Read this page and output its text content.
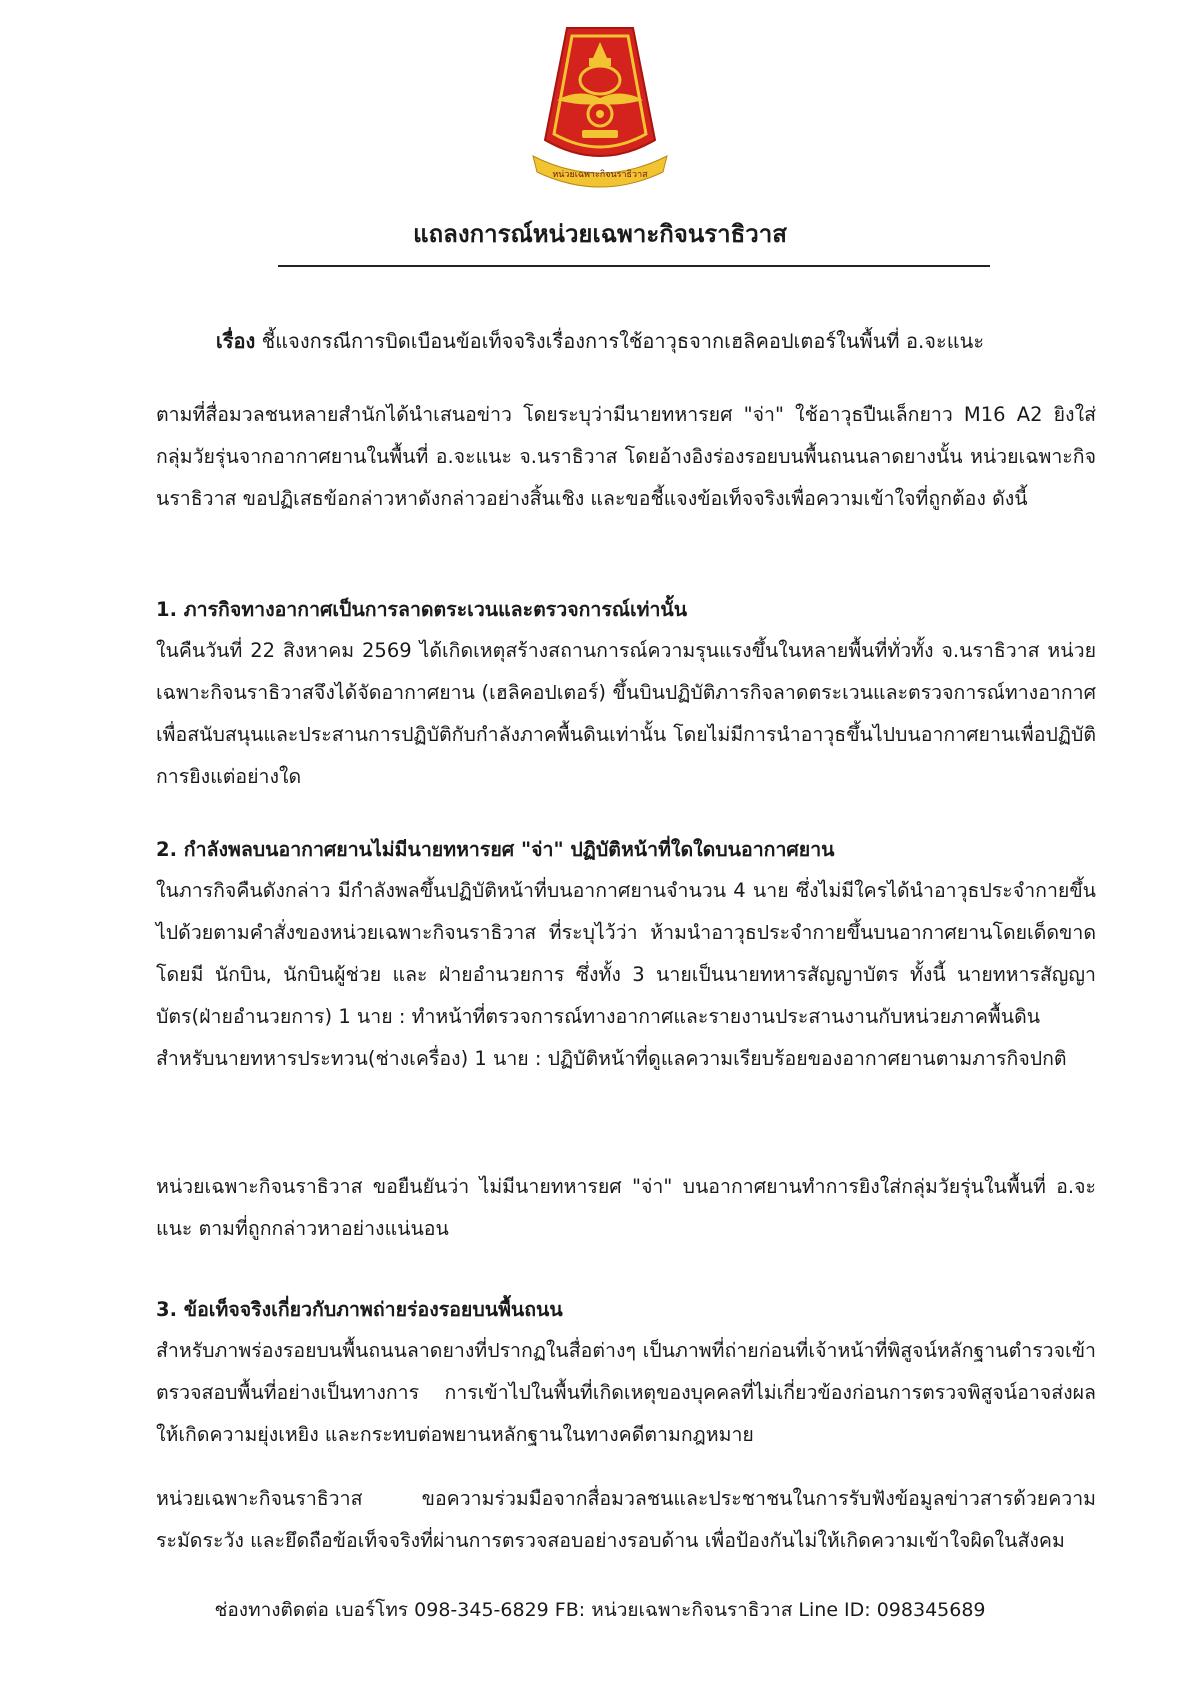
หน่วยเฉพาะกิจนราธิวาส
แถลงการณ์หน่วยเฉพาะกิจนราธิวาส
เรื่อง ชี้แจงกรณีการบิดเบือนข้อเท็จจริงเรื่องการใช้อาวุธจากเฮลิคอปเตอร์ในพื้นที่ อ.จะแนะ

ตามที่สื่อมวลชนหลายสำนักได้นำเสนอข่าว โดยระบุว่ามีนายทหารยศ "จ่า" ใช้อาวุธปืนเล็กยาว M16 A2 ยิงใส่กลุ่มวัยรุ่นจากอากาศยานในพื้นที่ อ.จะแนะ จ.นราธิวาส โดยอ้างอิงร่องรอยบนพื้นถนนลาดยางนั้น หน่วยเฉพาะกิจนราธิวาส ขอปฏิเสธข้อกล่าวหาดังกล่าวอย่างสิ้นเชิง และขอชี้แจงข้อเท็จจริงเพื่อความเข้าใจที่ถูกต้อง ดังนี้

1. ภารกิจทางอากาศเป็นการลาดตระเวนและตรวจการณ์เท่านั้น

ในคืนวันที่ 22 สิงหาคม 2569 ได้เกิดเหตุสร้างสถานการณ์ความรุนแรงขึ้นในหลายพื้นที่ทั่วทั้ง จ.นราธิวาส หน่วยเฉพาะกิจนราธิวาสจึงได้จัดอากาศยาน (เฮลิคอปเตอร์) ขึ้นบินปฏิบัติภารกิจลาดตระเวนและตรวจการณ์ทางอากาศ เพื่อสนับสนุนและประสานการปฏิบัติกับกำลังภาคพื้นดินเท่านั้น โดยไม่มีการนำอาวุธขึ้นไปบนอากาศยานเพื่อปฏิบัติการยิงแต่อย่างใด

2. กำลังพลบนอากาศยานไม่มีนายทหารยศ "จ่า" ปฏิบัติหน้าที่ใดใดบนอากาศยาน

ในภารกิจคืนดังกล่าว มีกำลังพลขึ้นปฏิบัติหน้าที่บนอากาศยานจำนวน 4 นาย ซึ่งไม่มีใครได้นำอาวุธประจำกายขึ้นไปด้วยตามคำสั่งของหน่วยเฉพาะกิจนราธิวาส ที่ระบุไว้ว่า ห้ามนำอาวุธประจำกายขึ้นบนอากาศยานโดยเด็ดขาด โดยมี นักบิน, นักบินผู้ช่วย และ ฝ่ายอำนวยการ ซึ่งทั้ง 3 นายเป็นนายทหารสัญญาบัตร ทั้งนี้ นายทหารสัญญาบัตร(ฝ่ายอำนวยการ) 1 นาย : ทำหน้าที่ตรวจการณ์ทางอากาศและรายงานประสานงานกับหน่วยภาคพื้นดิน

สำหรับนายทหารประทวน(ช่างเครื่อง) 1 นาย : ปฏิบัติหน้าที่ดูแลความเรียบร้อยของอากาศยานตามภารกิจปกติ

หน่วยเฉพาะกิจนราธิวาส ขอยืนยันว่า ไม่มีนายทหารยศ "จ่า" บนอากาศยานทำการยิงใส่กลุ่มวัยรุ่นในพื้นที่ อ.จะแนะ ตามที่ถูกกล่าวหาอย่างแน่นอน

3. ข้อเท็จจริงเกี่ยวกับภาพถ่ายร่องรอยบนพื้นถนน

สำหรับภาพร่องรอยบนพื้นถนนลาดยางที่ปรากฏในสื่อต่างๆ เป็นภาพที่ถ่ายก่อนที่เจ้าหน้าที่พิสูจน์หลักฐานตำรวจเข้าตรวจสอบพื้นที่อย่างเป็นทางการ การเข้าไปในพื้นที่เกิดเหตุของบุคคลที่ไม่เกี่ยวข้องก่อนการตรวจพิสูจน์อาจส่งผลให้เกิดความยุ่งเหยิง และกระทบต่อพยานหลักฐานในทางคดีตามกฎหมาย

หน่วยเฉพาะกิจนราธิวาส ขอความร่วมมือจากสื่อมวลชนและประชาชนในการรับฟังข้อมูลข่าวสารด้วยความระมัดระวัง และยึดถือข้อเท็จจริงที่ผ่านการตรวจสอบอย่างรอบด้าน เพื่อป้องกันไม่ให้เกิดความเข้าใจผิดในสังคม

ช่องทางติดต่อ เบอร์โทร 098-345-6829 FB: หน่วยเฉพาะกิจนราธิวาส Line ID: 098345689
